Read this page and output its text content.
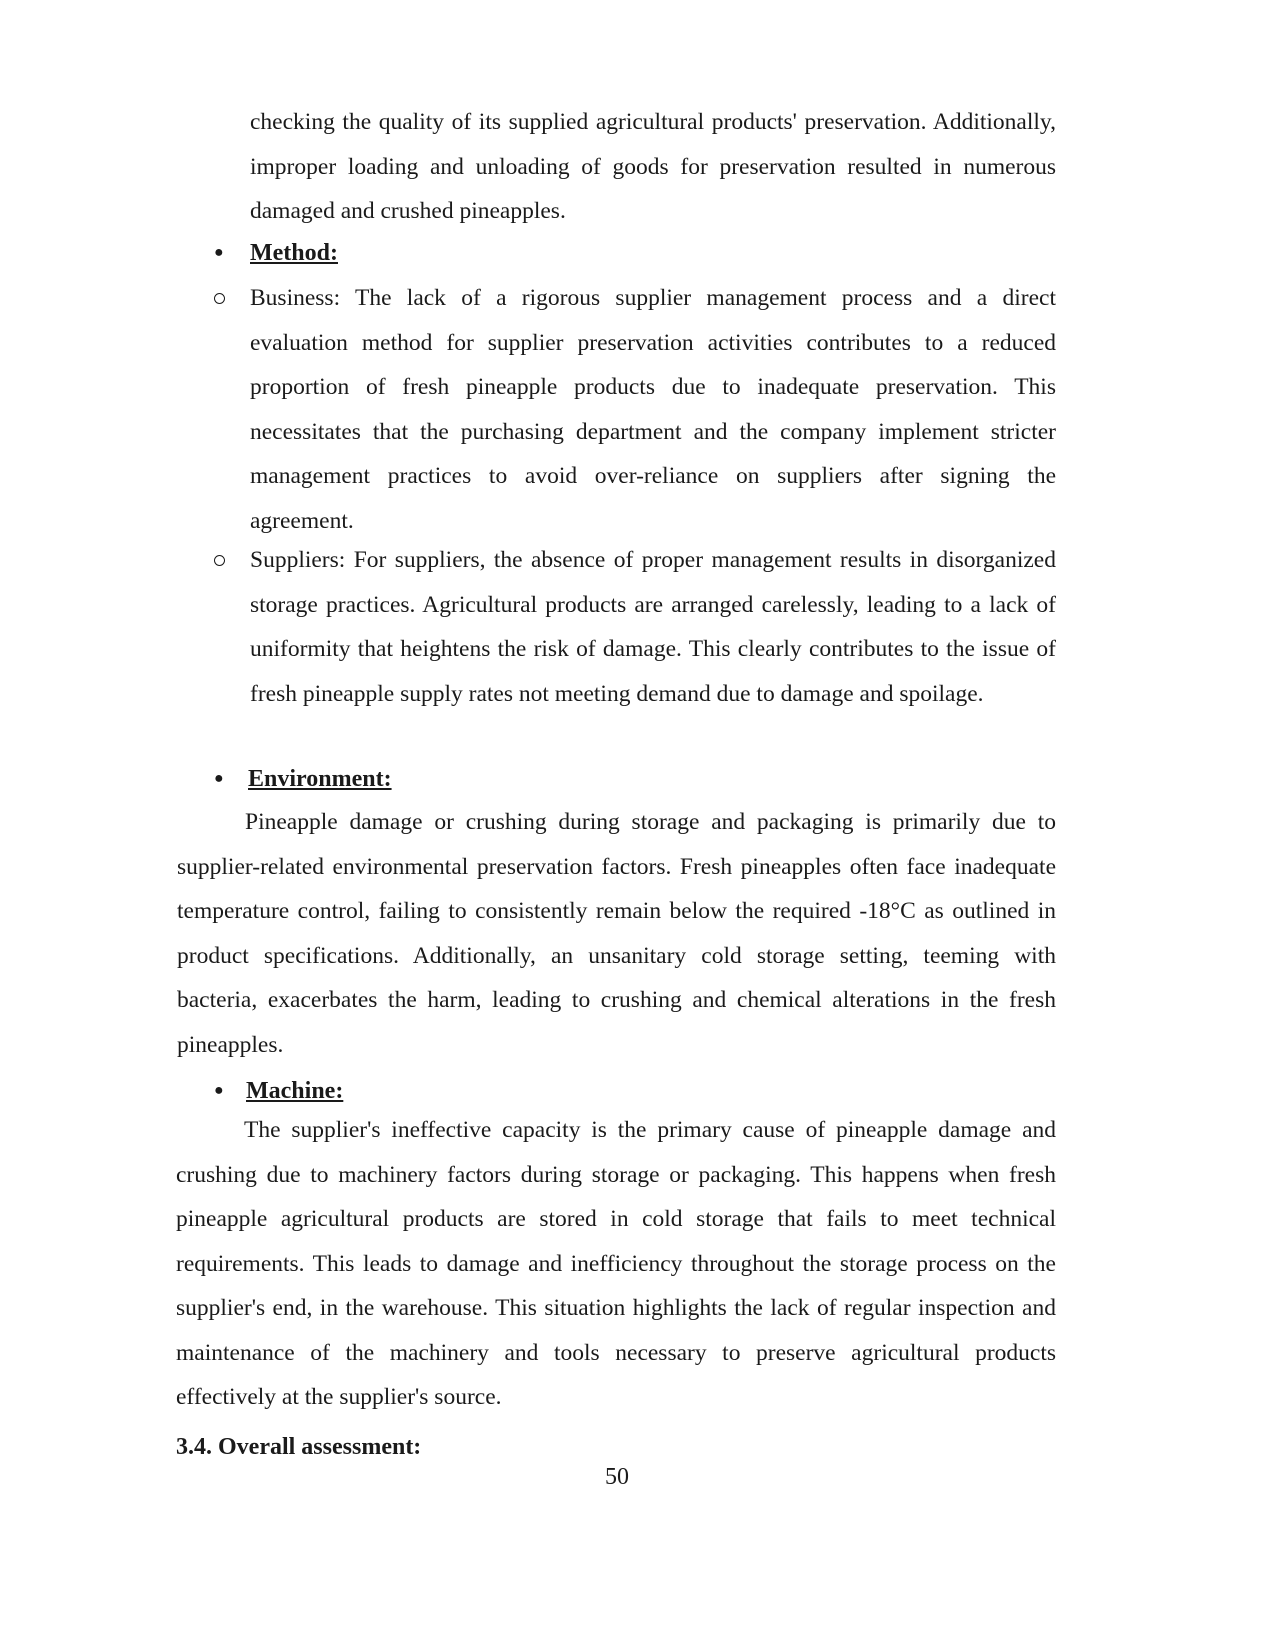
checking the quality of its supplied agricultural products' preservation. Additionally, improper loading and unloading of goods for preservation resulted in numerous damaged and crushed pineapples.

● Method:

Business: The lack of a rigorous supplier management process and a direct evaluation method for supplier preservation activities contributes to a reduced proportion of fresh pineapple products due to inadequate preservation. This necessitates that the purchasing department and the company implement stricter management practices to avoid over-reliance on suppliers after signing the agreement.

Suppliers: For suppliers, the absence of proper management results in disorganized storage practices. Agricultural products are arranged carelessly, leading to a lack of uniformity that heightens the risk of damage. This clearly contributes to the issue of fresh pineapple supply rates not meeting demand due to damage and spoilage.

● Environment:

Pineapple damage or crushing during storage and packaging is primarily due to supplier-related environmental preservation factors. Fresh pineapples often face inadequate temperature control, failing to consistently remain below the required -18°C as outlined in product specifications. Additionally, an unsanitary cold storage setting, teeming with bacteria, exacerbates the harm, leading to crushing and chemical alterations in the fresh pineapples.

● Machine:

The supplier's ineffective capacity is the primary cause of pineapple damage and crushing due to machinery factors during storage or packaging. This happens when fresh pineapple agricultural products are stored in cold storage that fails to meet technical requirements. This leads to damage and inefficiency throughout the storage process on the supplier's end, in the warehouse. This situation highlights the lack of regular inspection and maintenance of the machinery and tools necessary to preserve agricultural products effectively at the supplier's source.

3.4. Overall assessment:
50
